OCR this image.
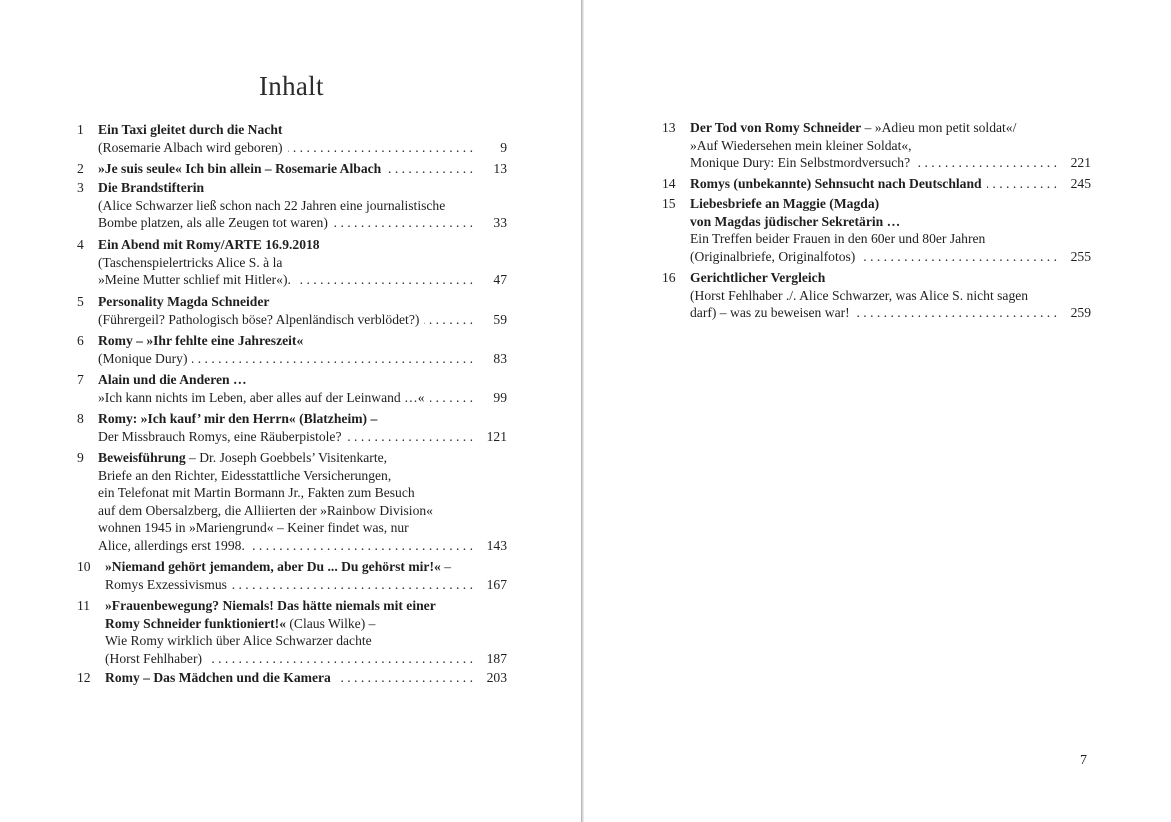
Inhalt
1 Ein Taxi gleitet durch die Nacht
. . . (Rosemarie Albach wird geboren)	9
2 . . . »Je suis seule« Ich bin allein – Rosemarie Albach	13
3 Die Brandstifterin
(Alice Schwarzer ließ schon nach 22 Jahren eine journalistische
. . . Bombe platzen, als alle Zeugen tot waren)	33
4 Ein Abend mit Romy/ARTE 16.9.2018
(Taschenspielertricks Alice S. à la
. . . »Meine Mutter schlief mit Hitler«).	47
5 Personality Magda Schneider
. . . (Führergeil? Pathologisch böse? Alpenländisch verblödet?)	59
6 Romy – »Ihr fehlte eine Jahreszeit«
. . . (Monique Dury)	83
7 Alain und die Anderen …
. . . »Ich kann nichts im Leben, aber alles auf der Leinwand …«	99
8 Romy: »Ich kauf’ mir den Herrn« (Blatzheim) –
. . . Der Missbrauch Romys, eine Räuberpistole?	121
9 Beweisführung – Dr. Joseph Goebbels’ Visitenkarte,
Briefe an den Richter, Eidesstattliche Versicherungen,
ein Telefonat mit Martin Bormann Jr., Fakten zum Besuch
auf dem Obersalzberg, die Alliierten der »Rainbow Division«
wohnen 1945 in »Mariengrund« – Keiner findet was, nur
. . . Alice, allerdings erst 1998.	143
10 »Niemand gehört jemandem, aber Du ... Du gehörst mir!« –
. . . Romys Exzessivismus	167
11 »Frauenbewegung? Niemals! Das hätte niemals mit einer
Romy Schneider funktioniert!« (Claus Wilke) –
Wie Romy wirklich über Alice Schwarzer dachte
. . . (Horst Fehlhaber)	187
12 . . . Romy – Das Mädchen und die Kamera	203
13 Der Tod von Romy Schneider – »Adieu mon petit soldat«/
»Auf Wiedersehen mein kleiner Soldat«,
. . . Monique Dury: Ein Selbstmordversuch?	221
14 . . . Romys (unbekannte) Sehnsucht nach Deutschland	245
15 Liebesbriefe an Maggie (Magda)
von Magdas jüdischer Sekretärin …
Ein Treffen beider Frauen in den 60er und 80er Jahren
. . . (Originalbriefe, Originalfotos)	255
16 Gerichtlicher Vergleich
(Horst Fehlhaber ./. Alice Schwarzer, was Alice S. nicht sagen
. . . darf) – was zu beweisen war!	259
7
